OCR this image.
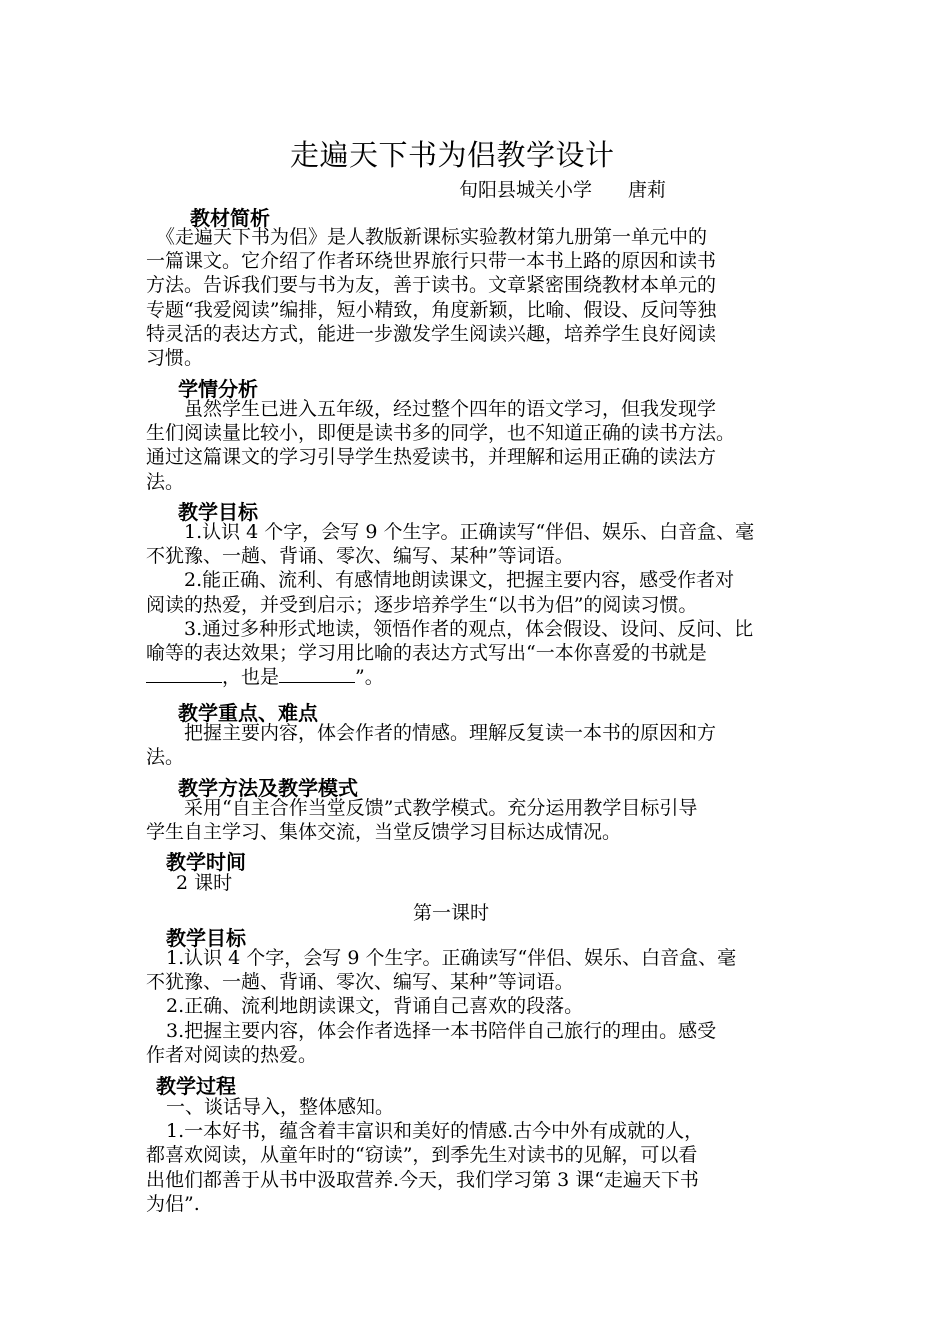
走遍天下书为侣教学设计
旬阳县城关小学 唐莉
教材简析
《走遍天下书为侣》是人教版新课标实验教材第九册第一单元中的
一篇课文。它介绍了作者环绕世界旅行只带一本书上路的原因和读书
方法。告诉我们要与书为友，善于读书。文章紧密围绕教材本单元的
专题“我爱阅读”编排，短小精致，角度新颖，比喻、假设、反问等独
特灵活的表达方式，能进一步激发学生阅读兴趣，培养学生良好阅读
习惯。
学情分析
虽然学生已进入五年级，经过整个四年的语文学习，但我发现学
生们阅读量比较小，即便是读书多的同学，也不知道正确的读书方法。
通过这篇课文的学习引导学生热爱读书，并理解和运用正确的读法方
法。
教学目标
1.认识 4 个字，会写 9 个生字。正确读写“伴侣、娱乐、白音盒、毫
不犹豫、一趟、背诵、零次、编写、某种”等词语。
2.能正确、流利、有感情地朗读课文，把握主要内容，感受作者对
阅读的热爱，并受到启示；逐步培养学生“以书为侣”的阅读习惯。
3.通过多种形式地读，领悟作者的观点，体会假设、设问、反问、比
喻等的表达效果；学习用比喻的表达方式写出“一本你喜爱的书就是
，也是	”。
教学重点、难点
把握主要内容，体会作者的情感。理解反复读一本书的原因和方
法。
教学方法及教学模式
采用“自主合作当堂反馈”式教学模式。充分运用教学目标引导
学生自主学习、集体交流，当堂反馈学习目标达成情况。
教学时间
2 课时
第一课时
教学目标
1.认识 4 个字，会写 9 个生字。正确读写“伴侣、娱乐、白音盒、毫
不犹豫、一趟、背诵、零次、编写、某种”等词语。
2.正确、流利地朗读课文，背诵自己喜欢的段落。
3.把握主要内容，体会作者选择一本书陪伴自己旅行的理由。感受
作者对阅读的热爱。
教学过程
一、谈话导入，整体感知。
1.一本好书，蕴含着丰富识和美好的情感.古今中外有成就的人，
都喜欢阅读，从童年时的“窃读”，到季先生对读书的见解，可以看
出他们都善于从书中汲取营养.今天，我们学习第 3 课“走遍天下书
为侣”.
